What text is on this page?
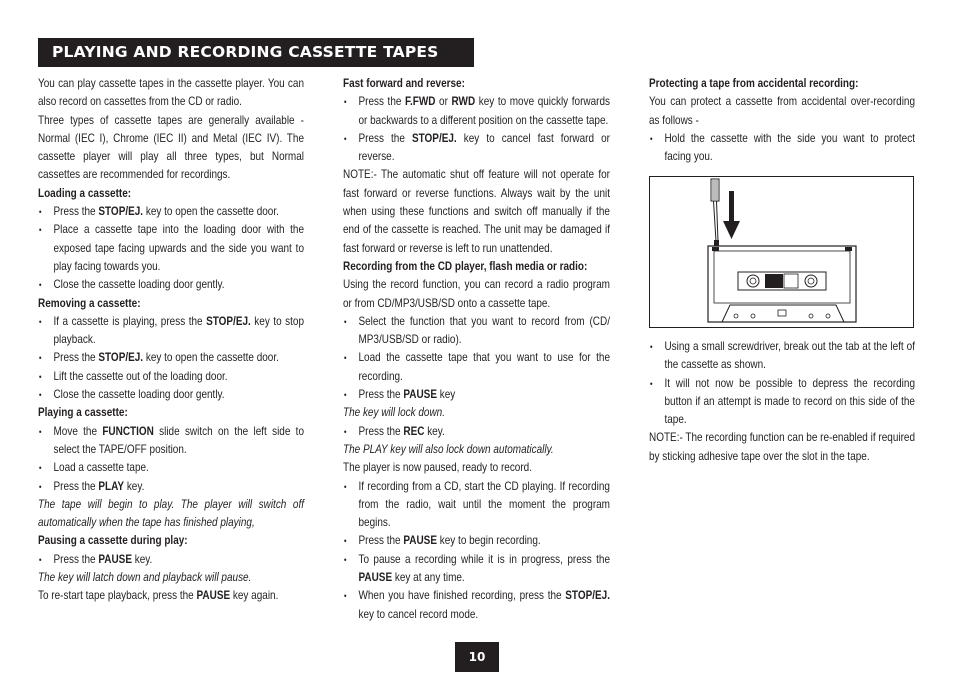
PLAYING AND RECORDING CASSETTE TAPES

You can play cassette tapes in the cassette player. You can also record on cassettes from the CD or radio.

Three types of cassette tapes are generally available - Normal (IEC I), Chrome (IEC II) and Metal (IEC IV). The cassette player will play all three types, but Normal cassettes are recommended for recordings.

Loading a cassette:

• Press the STOP/EJ. key to open the cassette door.
• Place a cassette tape into the loading door with the exposed tape facing upwards and the side you want to play facing towards you.
• Close the cassette loading door gently.

Removing a cassette:

• If a cassette is playing, press the STOP/EJ. key to stop playback.
• Press the STOP/EJ. key to open the cassette door.
• Lift the cassette out of the loading door.
• Close the cassette loading door gently.

Playing a cassette:

• Move the FUNCTION slide switch on the left side to select the TAPE/OFF position.
• Load a cassette tape.
• Press the PLAY key.

The tape will begin to play. The player will switch off automatically when the tape has finished playing,

Pausing a cassette during play:

• Press the PAUSE key.

The key will latch down and playback will pause.

To re-start tape playback, press the PAUSE key again.

Fast forward and reverse:

• Press the F.FWD or RWD key to move quickly forwards or backwards to a different position on the cassette tape.
• Press the STOP/EJ. key to cancel fast forward or reverse.

NOTE:- The automatic shut off feature will not operate for fast forward or reverse functions. Always wait by the unit when using these functions and switch off manually if the end of the cassette is reached. The unit may be damaged if fast forward or reverse is left to run unattended.

Recording from the CD player, flash media or radio:

Using the record function, you can record a radio program or from CD/MP3/USB/SD onto a cassette tape.

• Select the function that you want to record from (CD/ MP3/USB/SD or radio).
• Load the cassette tape that you want to use for the recording.
• Press the PAUSE key

The key will lock down.

• Press the REC key.

The PLAY key will also lock down automatically.

The player is now paused, ready to record.

• If recording from a CD, start the CD playing. If recording from the radio, wait until the moment the program begins.
• Press the PAUSE key to begin recording.
• To pause a recording while it is in progress, press the PAUSE key at any time.
• When you have finished recording, press the STOP/EJ. key to cancel record mode.

Protecting a tape from accidental recording:

You can protect a cassette from accidental over-recording as follows -

• Hold the cassette with the side you want to protect facing you.
• Using a small screwdriver, break out the tab at the left of the cassette as shown.
• It will not now be possible to depress the recording button if an attempt is made to record on this side of the tape.

NOTE:- The recording function can be re-enabled if required by sticking adhesive tape over the slot in the tape.

10
